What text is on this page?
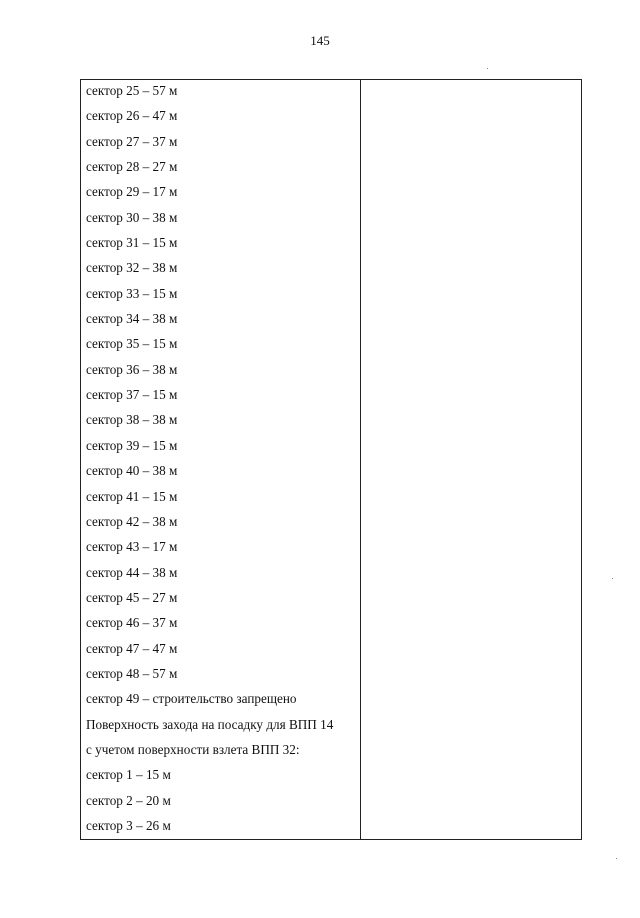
145
сектор 25 – 57 м
сектор 26 – 47 м
сектор 27 – 37 м
сектор 28 – 27 м
сектор 29 – 17 м
сектор 30 – 38 м
сектор 31 – 15 м
сектор 32 – 38 м
сектор 33 – 15 м
сектор 34 – 38 м
сектор 35 – 15 м
сектор 36 – 38 м
сектор 37 – 15 м
сектор 38 – 38 м
сектор 39 – 15 м
сектор 40 – 38 м
сектор 41 – 15 м
сектор 42 – 38 м
сектор 43 – 17 м
сектор 44 – 38 м
сектор 45 – 27 м
сектор 46 – 37 м
сектор 47 – 47 м
сектор 48 – 57 м
сектор 49 – строительство запрещено
Поверхность захода на посадку для ВПП 14
с учетом поверхности взлета ВПП 32:
сектор 1 – 15 м
сектор 2 – 20 м
сектор 3 – 26 м
